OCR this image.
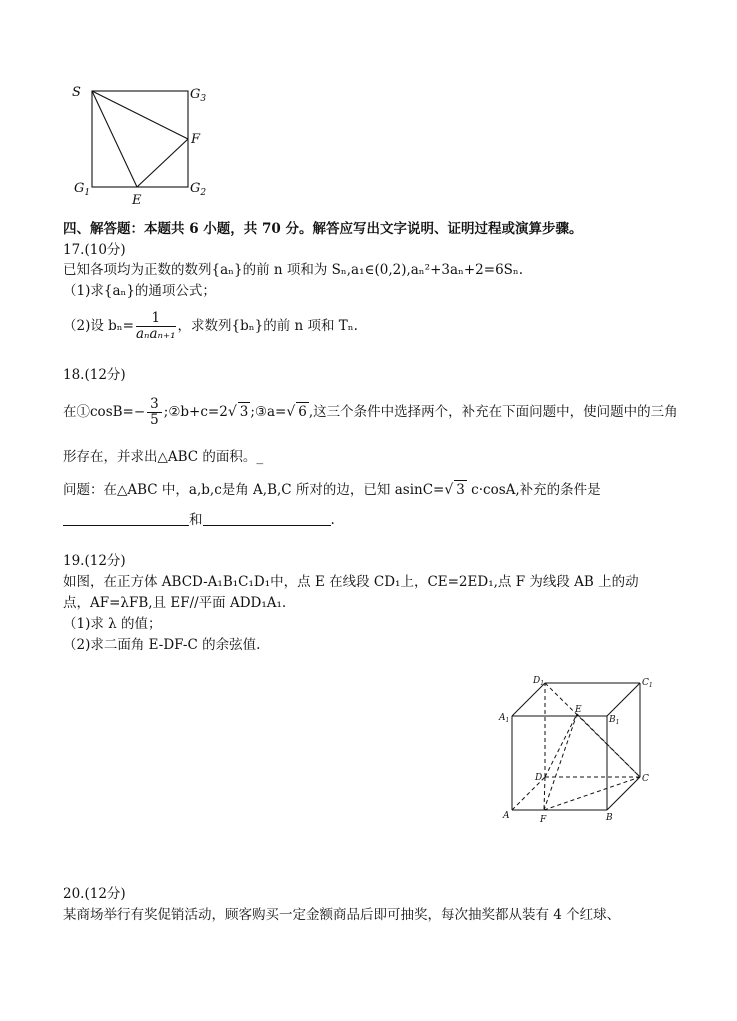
S	$G_3$
F
$G_1$	E
$G_2$
四、解答题：本题共 6 小题，共 70 分。解答应写出文字说明、证明过程或演算步骤。
17.(10分)
已知各项均为正数的数列{aₙ}的前 n 项和为 Sₙ,a₁∈(0,2),aₙ²+3aₙ+2=6Sₙ.
（1)求{aₙ}的通项公式；
（2)设 $b_n= \frac{1}{\text{aₙaₙ₊₁}}$ ，求数列{bₙ}的前 n 项和 Tₙ.
18.(12分)
在①cosB=− $\frac{3}{5}$ ;②b+c=2√ 3 ;③a=√ 6 ,这三个条件中选择两个，补充在下面问题中，使问题中的三角
形存在，并求出△ABC 的面积。_
问题：在△ABC 中，a,b,c是角 A,B,C 所对的边，已知 asinC=√ 3 c·cosA,补充的条件是
和	.
19.(12分)
如图，在正方体 ABCD-A₁B₁C₁D₁中，点 E 在线段 CD₁上，CE=2ED₁,点 F 为线段 AB 上的动
点，AF=λFB,且 EF//平面 ADD₁A₁.
（1)求 λ 的值；
（2)求二面角 E-DF-C 的余弦值.
$D_1$	$C_1$
$A_1$
E
$B_1$
D	C
A	F	B
20.(12分)
某商场举行有奖促销活动，顾客购买一定金额商品后即可抽奖，每次抽奖都从装有 4 个红球、
